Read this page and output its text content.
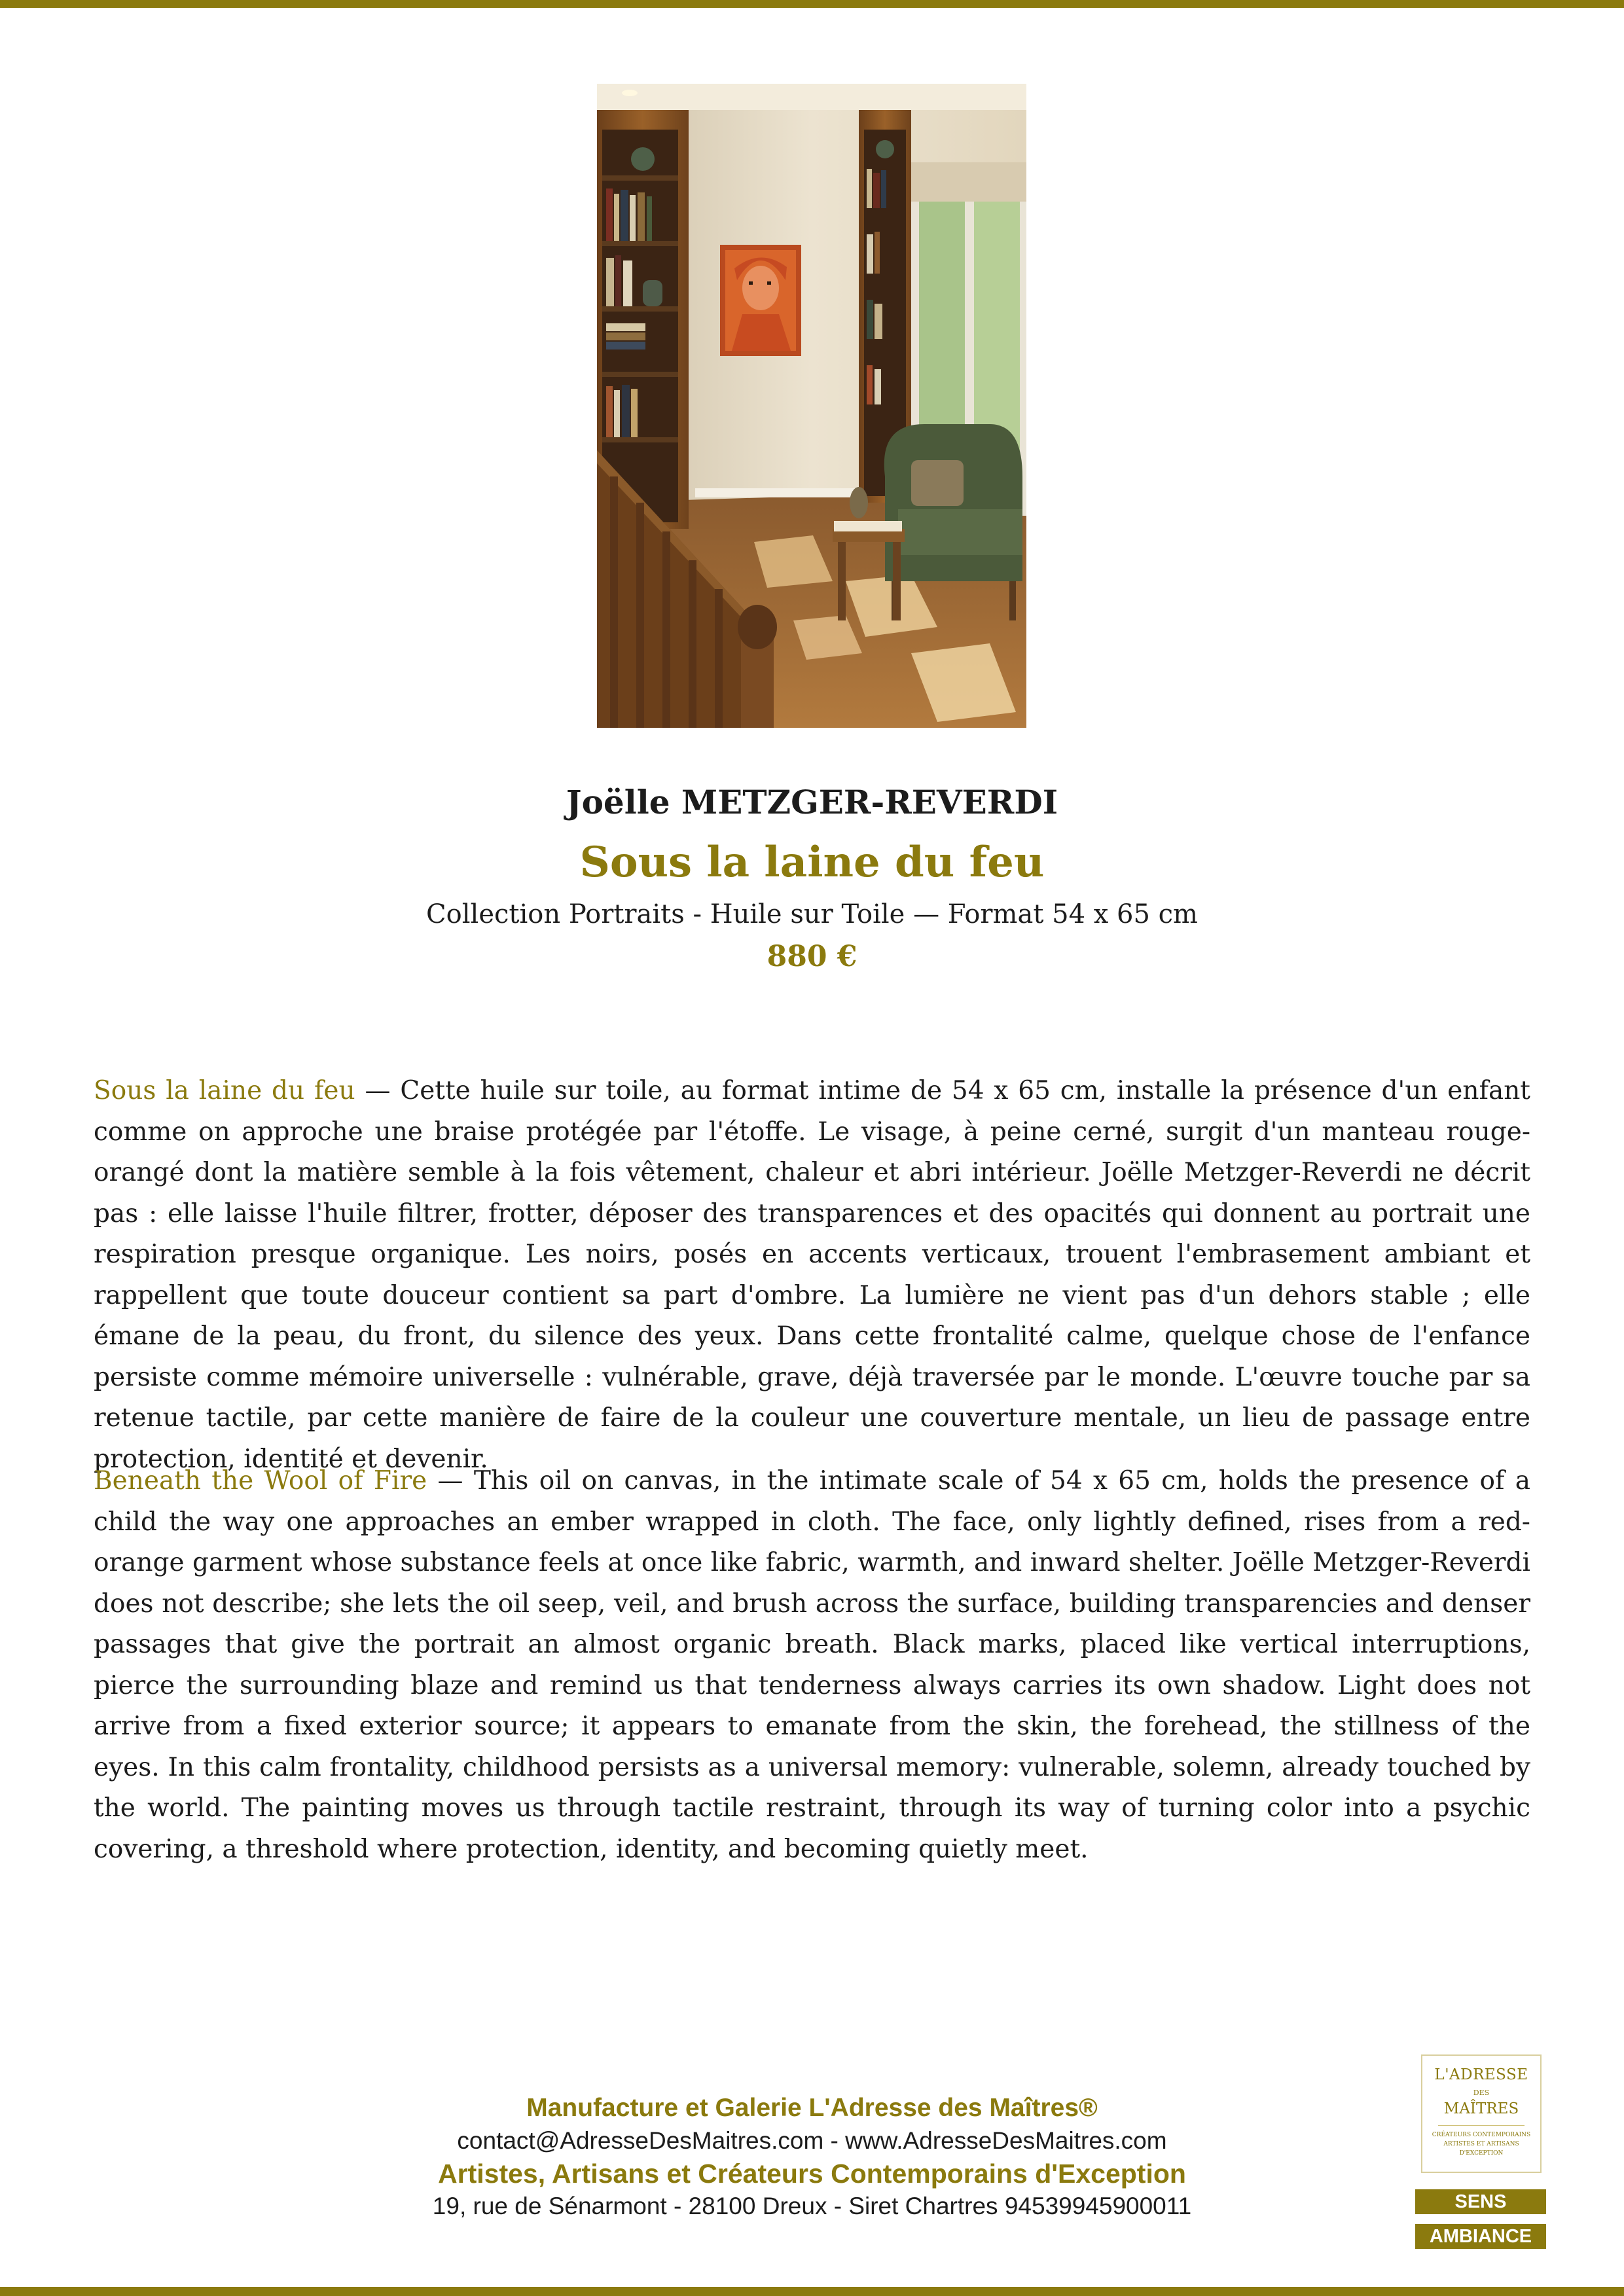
Joëlle METZGER-REVERDI
Sous la laine du feu
Collection Portraits - Huile sur Toile — Format 54 x 65 cm
880 €

Sous la laine du feu — Cette huile sur toile, au format intime de 54 x 65 cm, installe la présence d'un enfant comme on approche une braise protégée par l'étoffe. Le visage, à peine cerné, surgit d'un manteau rouge-orangé dont la matière semble à la fois vêtement, chaleur et abri intérieur. Joëlle Metzger-Reverdi ne décrit pas : elle laisse l'huile filtrer, frotter, déposer des transparences et des opacités qui donnent au portrait une respiration presque organique. Les noirs, posés en accents verticaux, trouent l'embrasement ambiant et rappellent que toute douceur contient sa part d'ombre. La lumière ne vient pas d'un dehors stable ; elle émane de la peau, du front, du silence des yeux. Dans cette frontalité calme, quelque chose de l'enfance persiste comme mémoire universelle : vulnérable, grave, déjà traversée par le monde. L'œuvre touche par sa retenue tactile, par cette manière de faire de la couleur une couverture mentale, un lieu de passage entre protection, identité et devenir.

Beneath the Wool of Fire — This oil on canvas, in the intimate scale of 54 x 65 cm, holds the presence of a child the way one approaches an ember wrapped in cloth. The face, only lightly defined, rises from a red-orange garment whose substance feels at once like fabric, warmth, and inward shelter. Joëlle Metzger-Reverdi does not describe; she lets the oil seep, veil, and brush across the surface, building transparencies and denser passages that give the portrait an almost organic breath. Black marks, placed like vertical interruptions, pierce the surrounding blaze and remind us that tenderness always carries its own shadow. Light does not arrive from a fixed exterior source; it appears to emanate from the skin, the forehead, the stillness of the eyes. In this calm frontality, childhood persists as a universal memory: vulnerable, solemn, already touched by the world. The painting moves us through tactile restraint, through its way of turning color into a psychic covering, a threshold where protection, identity, and becoming quietly meet.

Manufacture et Galerie L'Adresse des Maîtres®
contact@AdresseDesMaitres.com - www.AdresseDesMaitres.com
Artistes, Artisans et Créateurs Contemporains d'Exception
19, rue de Sénarmont - 28100 Dreux - Siret Chartres 94539945900011
L'ADRESSE
DES
MAÎTRES
CRÉATEURS CONTEMPORAINS ARTISTES ET ARTISANS D'EXCEPTION
SENS
AMBIANCE
